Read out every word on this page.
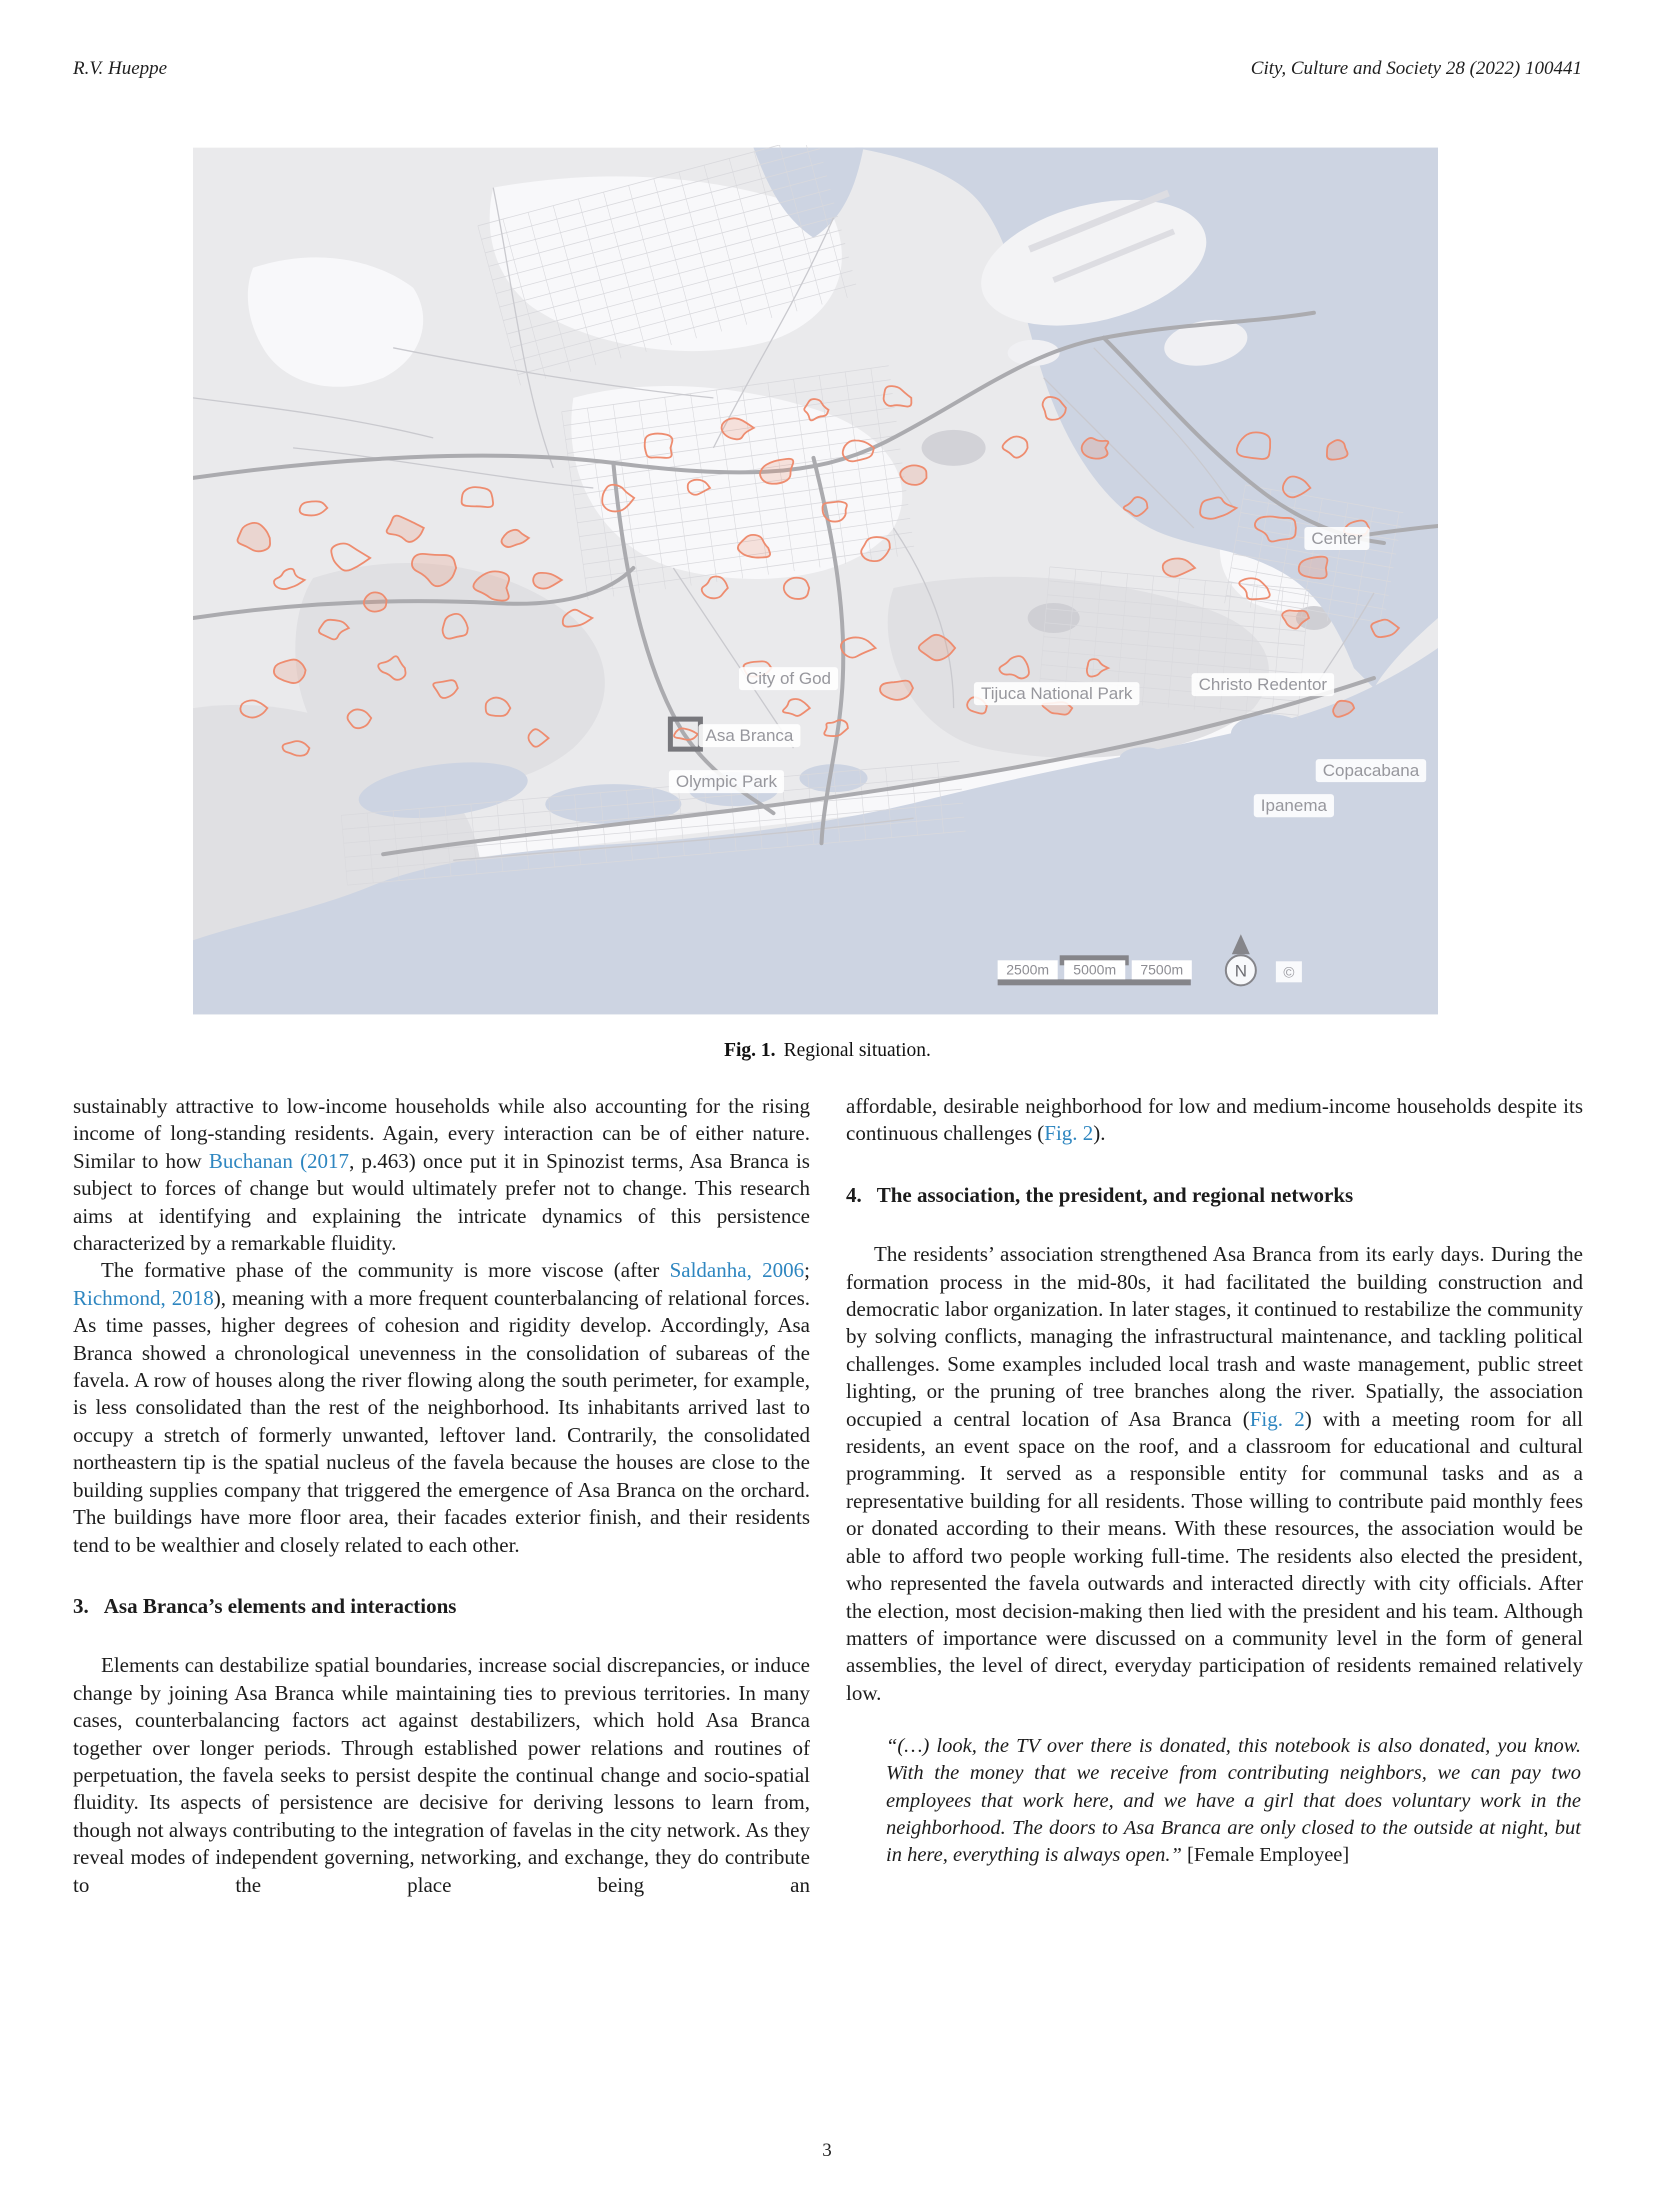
R.V. Hueppe	City, Culture and Society 28 (2022) 100441
Center
City of God
Asa Branca
Olympic Park
Tijuca National Park	Christo Redentor
Copacabana
Ipanema
2500m 5000m 7500m	N ©
Fig. 1. Regional situation.

sustainably attractive to low-income households while also accounting for the rising income of long-standing residents. Again, every interaction can be of either nature. Similar to how Buchanan (2017, p.463) once put it in Spinozist terms, Asa Branca is subject to forces of change but would ultimately prefer not to change. This research aims at identifying and explaining the intricate dynamics of this persistence characterized by a remarkable fluidity.

The formative phase of the community is more viscose (after Saldanha, 2006; Richmond, 2018), meaning with a more frequent counterbalancing of relational forces. As time passes, higher degrees of cohesion and rigidity develop. Accordingly, Asa Branca showed a chronological unevenness in the consolidation of subareas of the favela. A row of houses along the river flowing along the south perimeter, for example, is less consolidated than the rest of the neighborhood. Its inhabitants arrived last to occupy a stretch of formerly unwanted, leftover land. Contrarily, the consolidated northeastern tip is the spatial nucleus of the favela because the houses are close to the building supplies company that triggered the emergence of Asa Branca on the orchard. The buildings have more floor area, their facades exterior finish, and their residents tend to be wealthier and closely related to each other.

3. Asa Branca’s elements and interactions

Elements can destabilize spatial boundaries, increase social discrepancies, or induce change by joining Asa Branca while maintaining ties to previous territories. In many cases, counterbalancing factors act against destabilizers, which hold Asa Branca together over longer periods. Through established power relations and routines of perpetuation, the favela seeks to persist despite the continual change and socio-spatial fluidity. Its aspects of persistence are decisive for deriving lessons to learn from, though not always contributing to the integration of favelas in the city network. As they reveal modes of independent governing, networking, and exchange, they do contribute to the place being an

affordable, desirable neighborhood for low and medium-income households despite its continuous challenges (Fig. 2).

4. The association, the president, and regional networks

The residents’ association strengthened Asa Branca from its early days. During the formation process in the mid-80s, it had facilitated the building construction and democratic labor organization. In later stages, it continued to restabilize the community by solving conflicts, managing the infrastructural maintenance, and tackling political challenges. Some examples included local trash and waste management, public street lighting, or the pruning of tree branches along the river. Spatially, the association occupied a central location of Asa Branca (Fig. 2) with a meeting room for all residents, an event space on the roof, and a classroom for educational and cultural programming. It served as a responsible entity for communal tasks and as a representative building for all residents. Those willing to contribute paid monthly fees or donated according to their means. With these resources, the association would be able to afford two people working full-time. The residents also elected the president, who represented the favela outwards and interacted directly with city officials. After the election, most decision-making then lied with the president and his team. Although matters of importance were discussed on a community level in the form of general assemblies, the level of direct, everyday participation of residents remained relatively low.

“(…) look, the TV over there is donated, this notebook is also donated, you know. With the money that we receive from contributing neighbors, we can pay two employees that work here, and we have a girl that does voluntary work in the neighborhood. The doors to Asa Branca are only closed to the outside at night, but in here, everything is always open.” [Female Employee]
3
